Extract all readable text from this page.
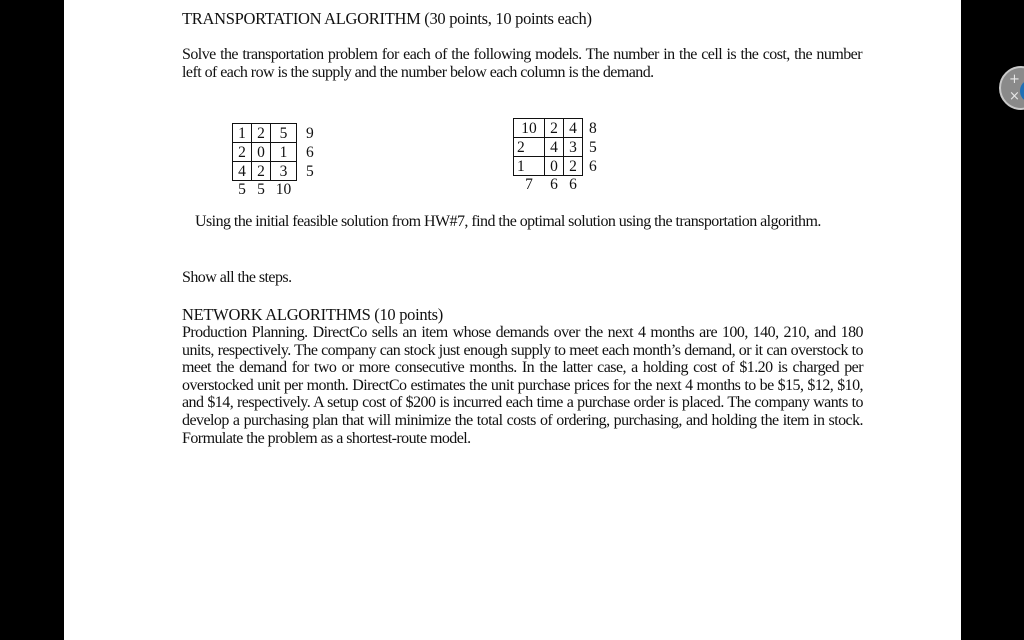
TRANSPORTATION ALGORITHM (30 points, 10 points each)
Solve the transportation problem for each of the following models. The number in the cell is the cost, the number left of each row is the supply and the number below each column is the demand.
1	2	5	9
2	0	1	6
4	2	3	5
5	5	10	
10	2	4	8
2	4	3	5
1	0	2	6
7	6	6	
Using the initial feasible solution from HW#7, find the optimal solution using the transportation algorithm.
Show all the steps.
NETWORK ALGORITHMS (10 points)
Production Planning. DirectCo sells an item whose demands over the next 4 months are 100, 140, 210, and 180 units, respectively. The company can stock just enough supply to meet each month’s demand, or it can overstock to meet the demand for two or more consecutive months. In the latter case, a holding cost of $1.20 is charged per overstocked unit per month. DirectCo estimates the unit purchase prices for the next 4 months to be $15, $12, $10, and $14, respectively. A setup cost of $200 is incurred each time a purchase order is placed. The company wants to develop a purchasing plan that will minimize the total costs of ordering, purchasing, and holding the item in stock. Formulate the problem as a shortest-route model.
+
×
